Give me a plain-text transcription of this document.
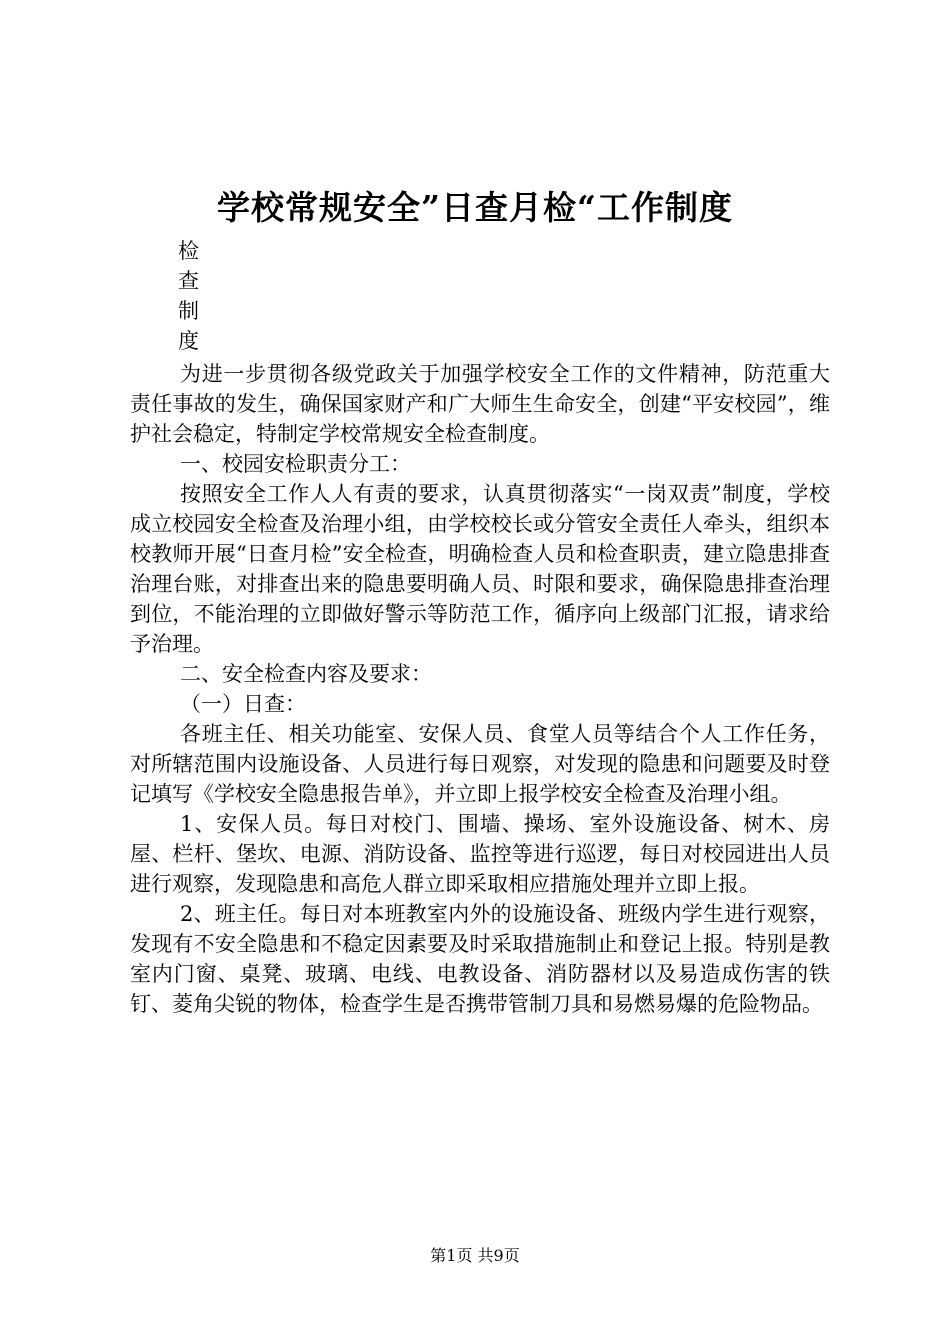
学校常规安全”日查月检“工作制度
检
查
制
度

为进一步贯彻各级党政关于加强学校安全工作的文件精神，防范重大责任事故的发生，确保国家财产和广大师生生命安全，创建“平安校园”，维护社会稳定，特制定学校常规安全检查制度。

一、校园安检职责分工：

按照安全工作人人有责的要求，认真贯彻落实“一岗双责”制度，学校成立校园安全检查及治理小组，由学校校长或分管安全责任人牵头，组织本校教师开展“日查月检”安全检查，明确检查人员和检查职责，建立隐患排查治理台账，对排查出来的隐患要明确人员、时限和要求，确保隐患排查治理到位，不能治理的立即做好警示等防范工作，循序向上级部门汇报，请求给予治理。

二、安全检查内容及要求：

（一）日查：

各班主任、相关功能室、安保人员、食堂人员等结合个人工作任务，对所辖范围内设施设备、人员进行每日观察，对发现的隐患和问题要及时登记填写《学校安全隐患报告单》，并立即上报学校安全检查及治理小组。

1、安保人员。每日对校门、围墙、操场、室外设施设备、树木、房屋、栏杆、堡坎、电源、消防设备、监控等进行巡逻，每日对校园进出人员进行观察，发现隐患和高危人群立即采取相应措施处理并立即上报。

2、班主任。每日对本班教室内外的设施设备、班级内学生进行观察，发现有不安全隐患和不稳定因素要及时采取措施制止和登记上报。特别是教室内门窗、桌凳、玻璃、电线、电教设备、消防器材以及易造成伤害的铁钉、菱角尖锐的物体，检查学生是否携带管制刀具和易燃易爆的危险物品。

第1页 共9页
